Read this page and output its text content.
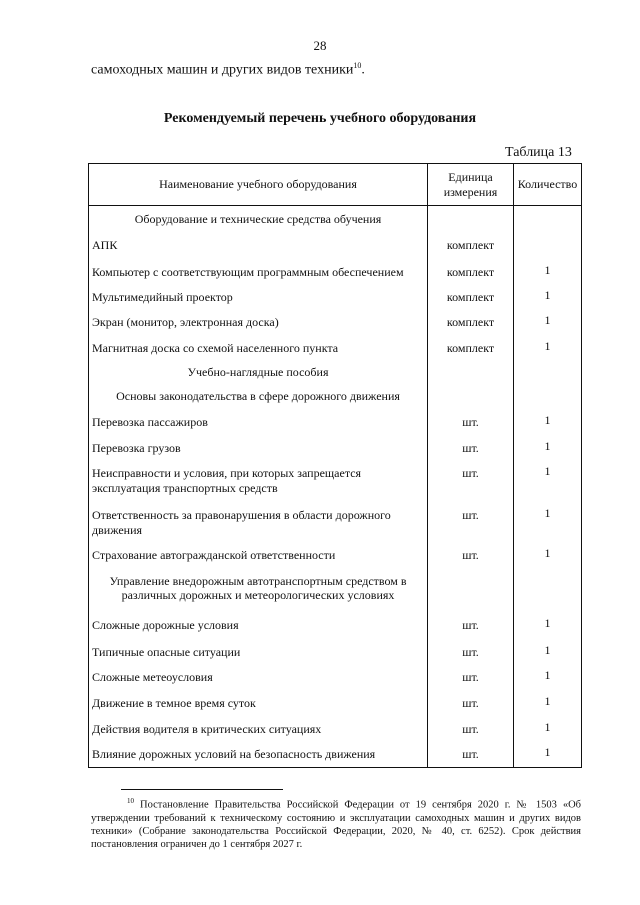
28
самоходных машин и других видов техники$^{10}$.
Рекомендуемый перечень учебного оборудования
Таблица 13
Наименование учебного оборудования	Единица измерения	Количество
Оборудование и технические средства обучения		
АПК	комплект	
Компьютер с соответствующим программным обеспечением	комплект	1
Мультимедийный проектор	комплект	1
Экран (монитор, электронная доска)	комплект	1
Магнитная доска со схемой населенного пункта	комплект	1
Учебно-наглядные пособия		
Основы законодательства в сфере дорожного движения		
Перевозка пассажиров	шт.	1
Перевозка грузов	шт.	1
Неисправности и условия, при которых запрещается эксплуатация транспортных средств	шт.	1
Ответственность за правонарушения в области дорожного движения	шт.	1
Страхование автогражданской ответственности	шт.	1
Управление внедорожным автотранспортным средством в различных дорожных и метеорологических условиях		
Сложные дорожные условия	шт.	1
Типичные опасные ситуации	шт.	1
Сложные метеоусловия	шт.	1
Движение в темное время суток	шт.	1
Действия водителя в критических ситуациях	шт.	1
Влияние дорожных условий на безопасность движения	шт.	1
$^{10}$ Постановление Правительства Российской Федерации от 19 сентября 2020 г. № 1503 «Об утверждении требований к техническому состоянию и эксплуатации самоходных машин и других видов техники» (Собрание законодательства Российской Федерации, 2020, № 40, ст. 6252). Срок действия постановления ограничен до 1 сентября 2027 г.
